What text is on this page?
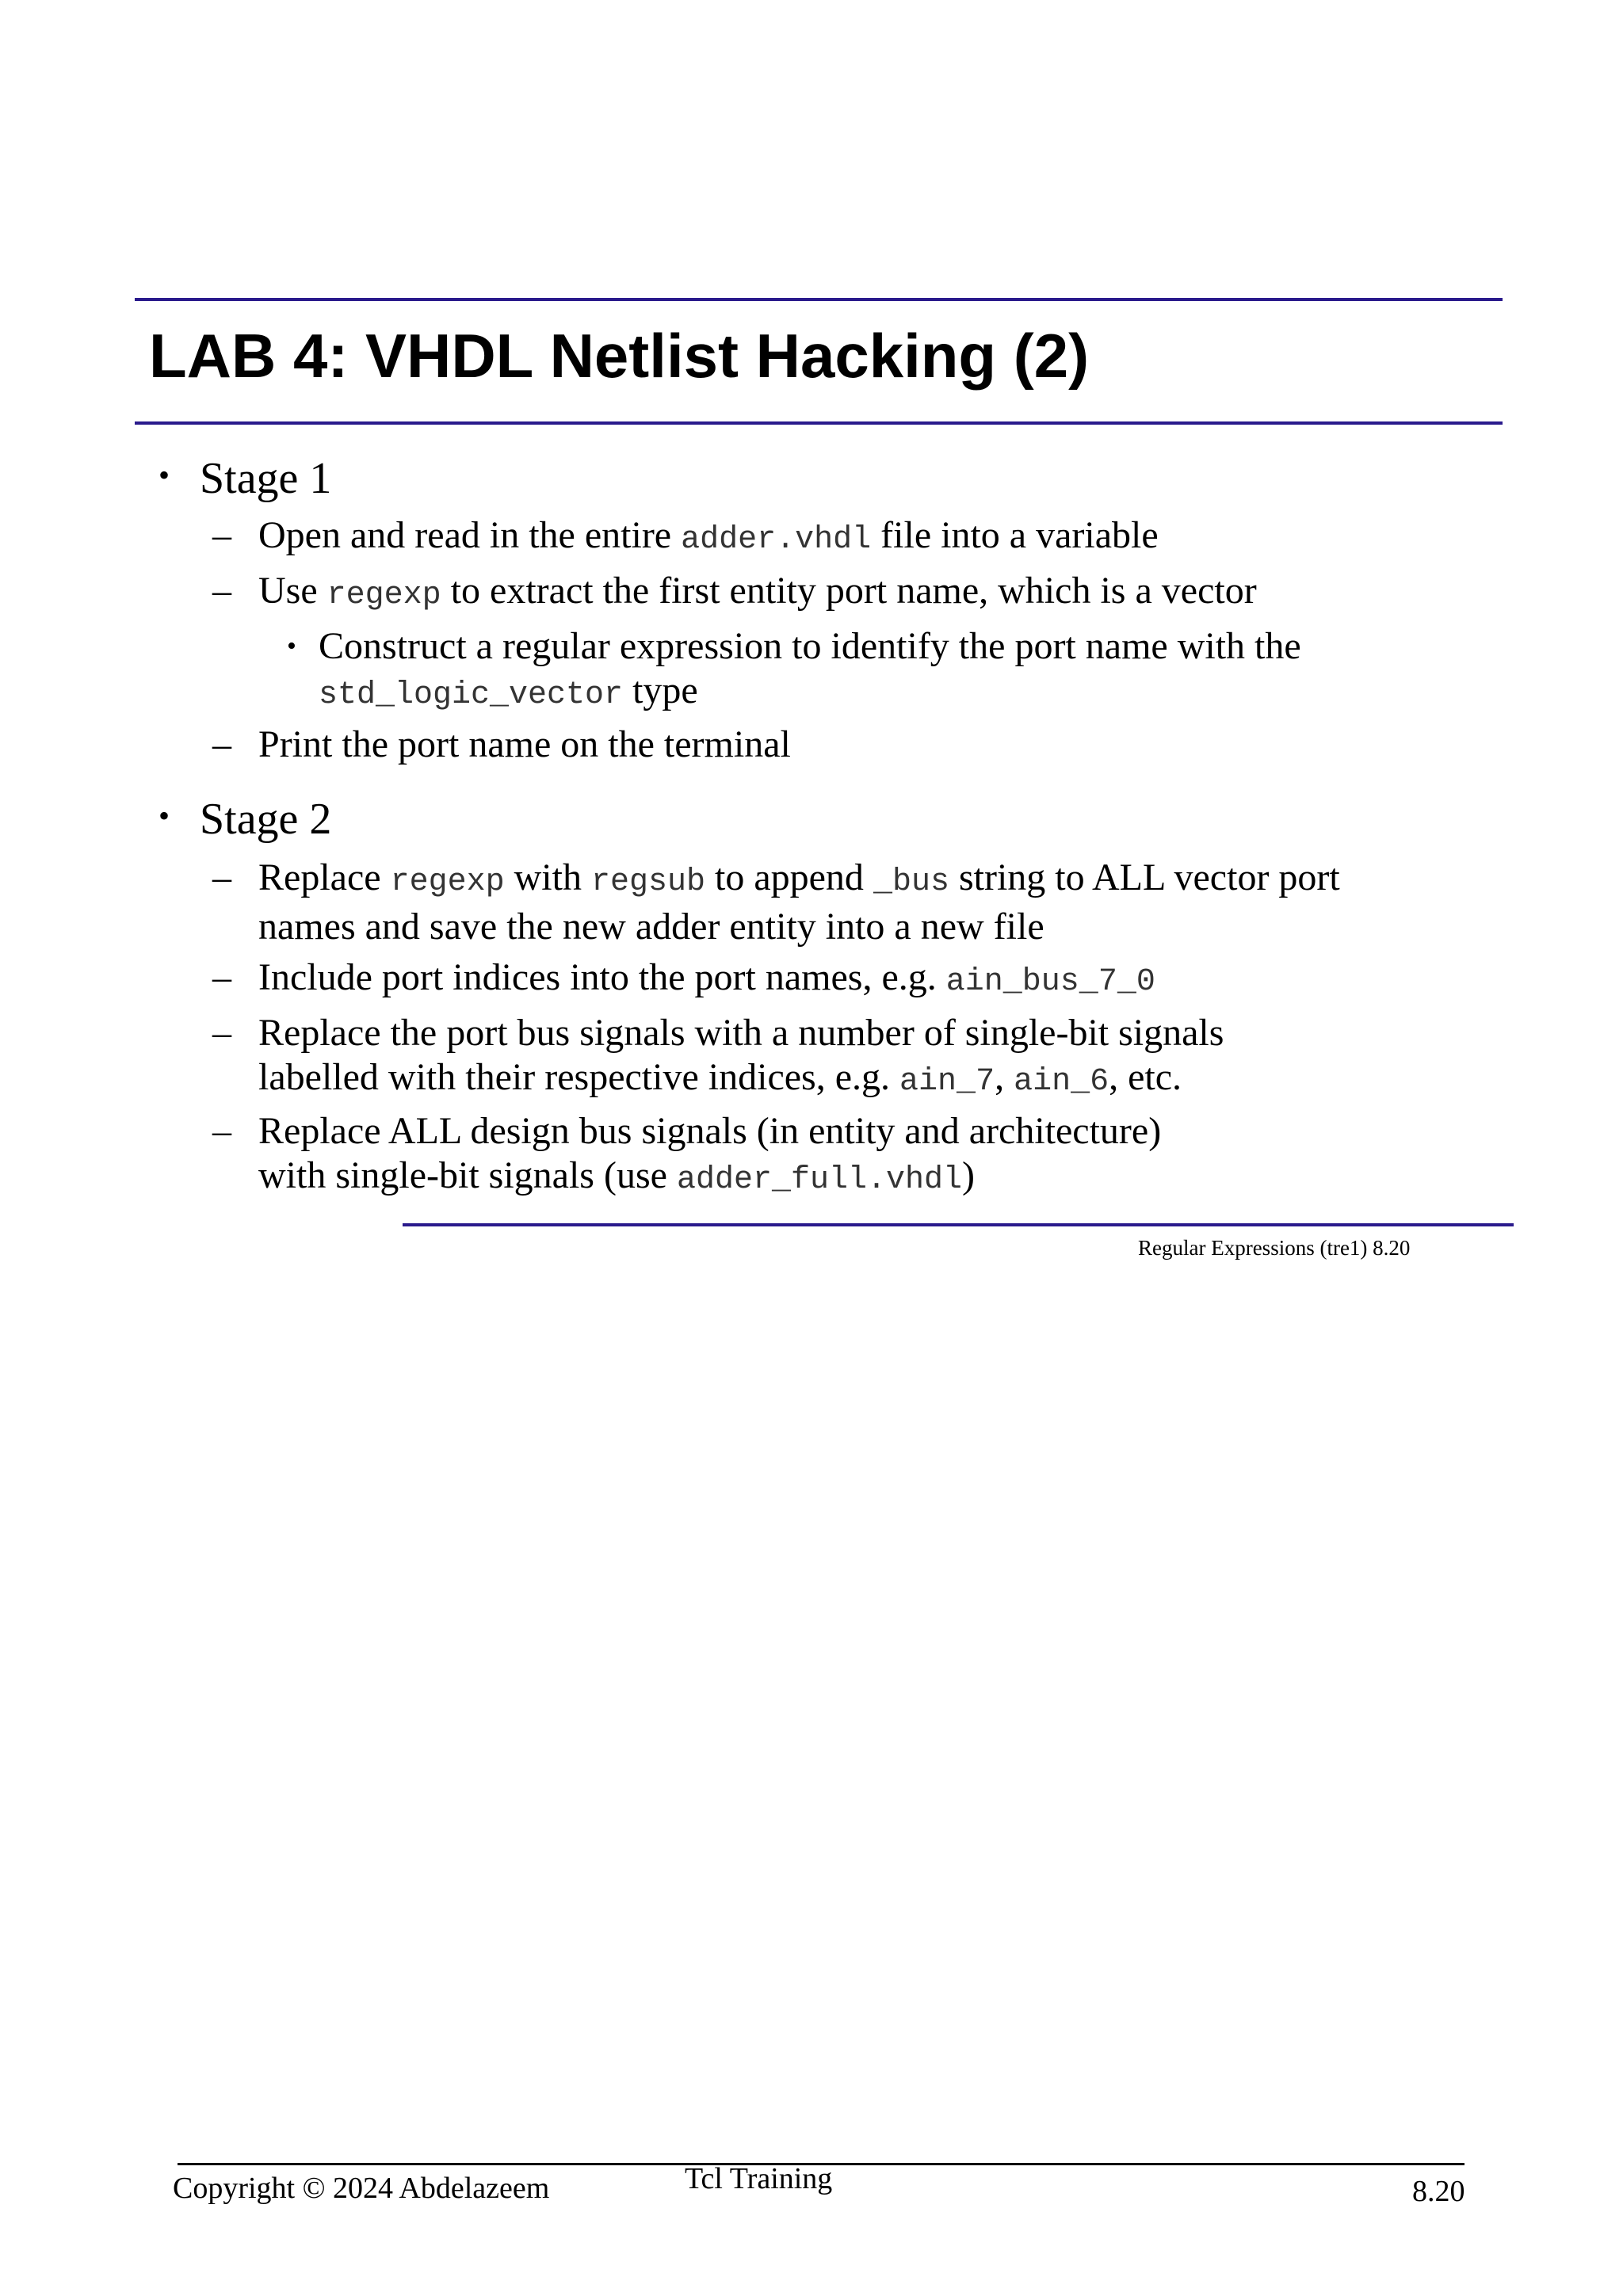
LAB 4: VHDL Netlist Hacking (2)
• Stage 1
– Open and read in the entire adder.vhdl file into a variable
– Use regexp to extract the first entity port name, which is a vector
• Construct a regular expression to identify the port name with the
std_logic_vector type
– Print the port name on the terminal
• Stage 2
– Replace regexp with regsub to append _bus string to ALL vector port
names and save the new adder entity into a new file
– Include port indices into the port names, e.g. ain_bus_7_0
– Replace the port bus signals with a number of single-bit signals
labelled with their respective indices, e.g. ain_7, ain_6, etc.
– Replace ALL design bus signals (in entity and architecture)
with single-bit signals (use adder_full.vhdl)
Regular Expressions (tre1) 8.20
Copyright © 2024 Abdelazeem	Tcl Training	8.20
